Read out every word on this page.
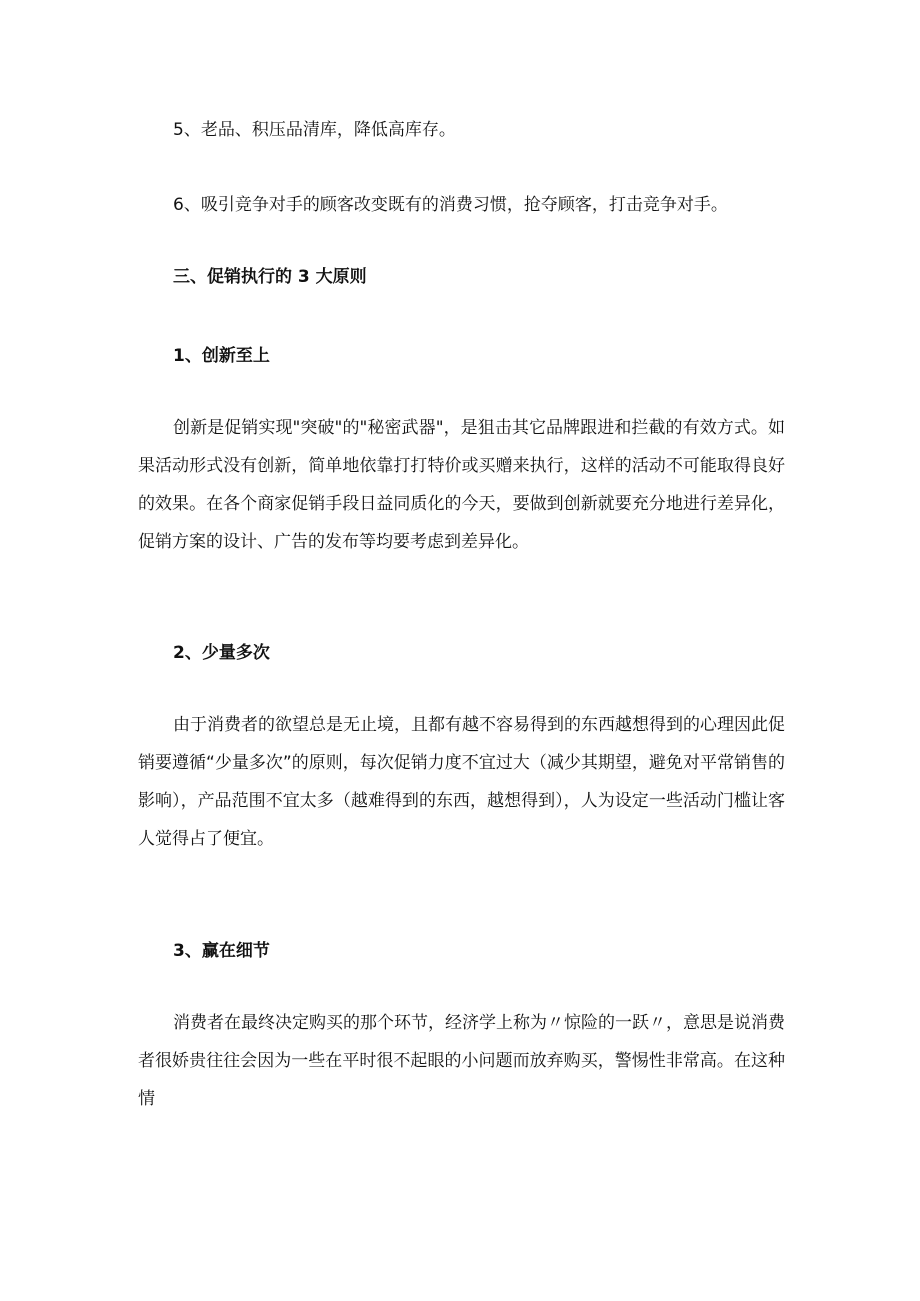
5、老品、积压品清库，降低高库存。
6、吸引竞争对手的顾客改变既有的消费习惯，抢夺顾客，打击竞争对手。
三、促销执行的 3 大原则
1、创新至上

创新是促销实现"突破"的"秘密武器"，是狙击其它品牌跟进和拦截的有效方式。如果活动形式没有创新，简单地依靠打打特价或买赠来执行，这样的活动不可能取得良好的效果。在各个商家促销手段日益同质化的今天，要做到创新就要充分地进行差异化，促销方案的设计、广告的发布等均要考虑到差异化。

2、少量多次

由于消费者的欲望总是无止境，且都有越不容易得到的东西越想得到的心理因此促销要遵循“少量多次”的原则，每次促销力度不宜过大（减少其期望，避免对平常销售的影响），产品范围不宜太多（越难得到的东西，越想得到），人为设定一些活动门槛让客人觉得占了便宜。

3、赢在细节

消费者在最终决定购买的那个环节，经济学上称为〃惊险的一跃〃，意思是说消费者很娇贵往往会因为一些在平时很不起眼的小问题而放弃购买，警惕性非常高。在这种情
